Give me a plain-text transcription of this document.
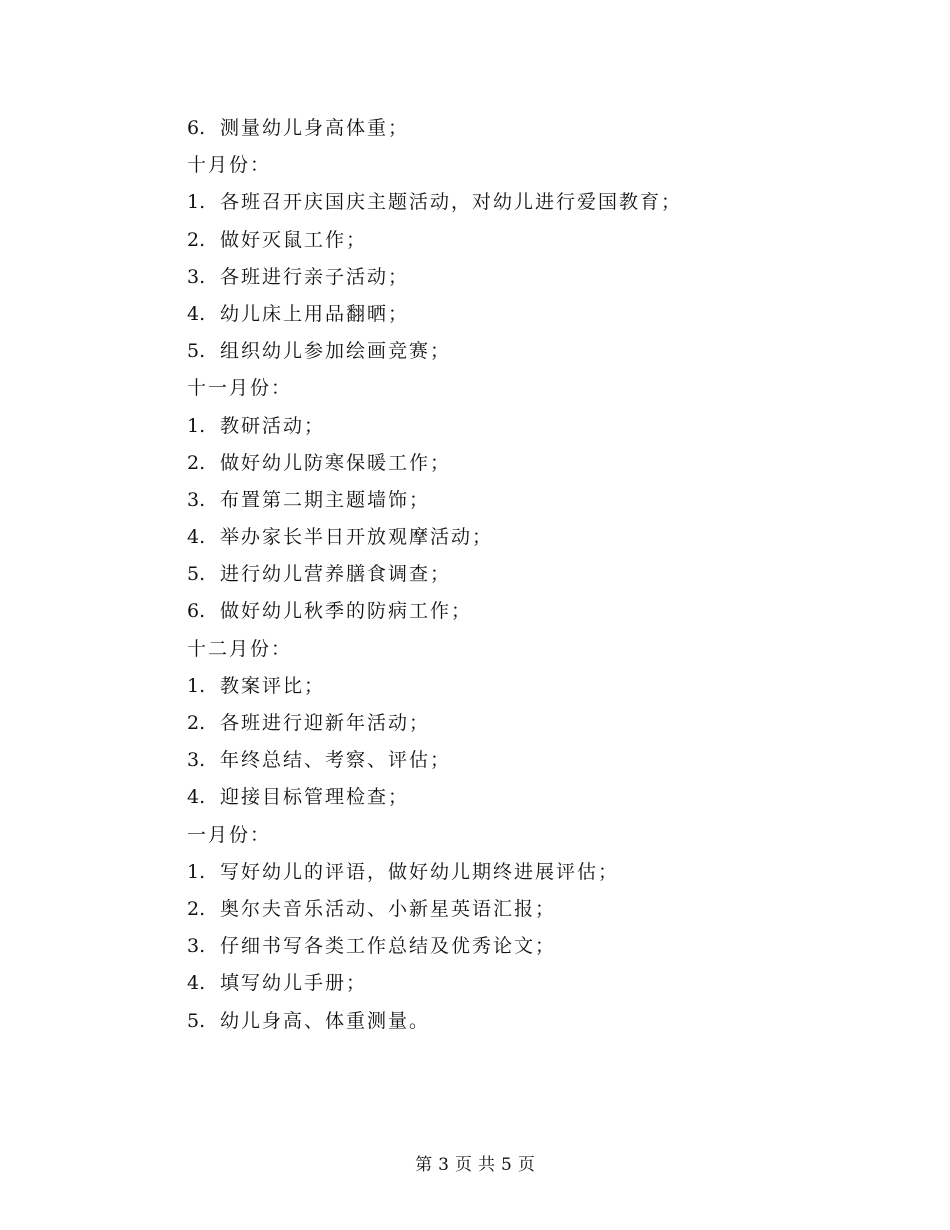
6. 测量幼儿身高体重；
十月份：
1. 各班召开庆国庆主题活动，对幼儿进行爱国教育；
2. 做好灭鼠工作；
3. 各班进行亲子活动；
4. 幼儿床上用品翻晒；
5. 组织幼儿参加绘画竞赛；
十一月份：
1. 教研活动；
2. 做好幼儿防寒保暖工作；
3. 布置第二期主题墙饰；
4. 举办家长半日开放观摩活动；
5. 进行幼儿营养膳食调查；
6. 做好幼儿秋季的防病工作；
十二月份：
1. 教案评比；
2. 各班进行迎新年活动；
3. 年终总结、考察、评估；
4. 迎接目标管理检查；
一月份：
1. 写好幼儿的评语，做好幼儿期终进展评估；
2. 奥尔夫音乐活动、小新星英语汇报；
3. 仔细书写各类工作总结及优秀论文；
4. 填写幼儿手册；
5. 幼儿身高、体重测量。
第 3 页 共 5 页
